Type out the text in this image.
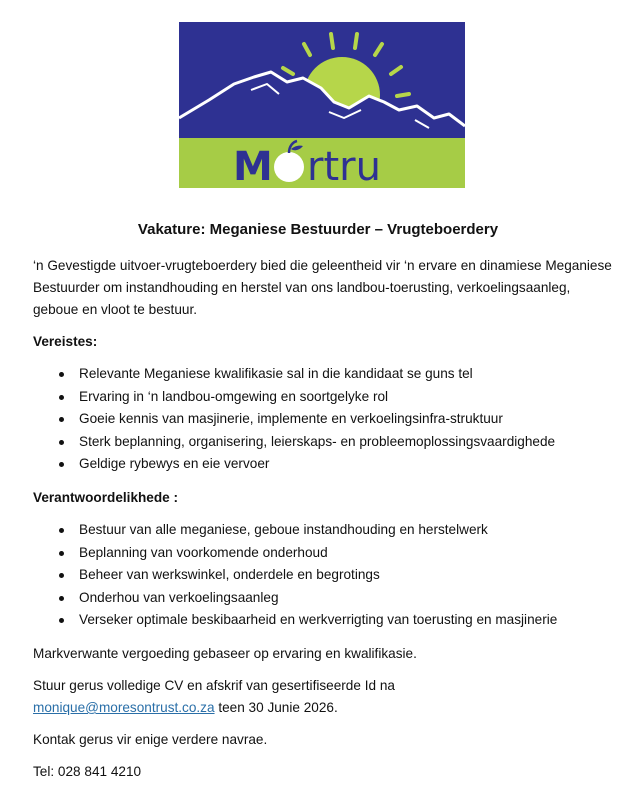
M rtru
Vakature: Meganiese Bestuurder – Vrugteboerdery

‘n Gevestigde uitvoer-vrugteboerdery bied die geleentheid vir ‘n ervare en dinamiese Meganiese Bestuurder om instandhouding en herstel van ons landbou-toerusting, verkoelingsaanleg, geboue en vloot te bestuur.

Vereistes:

Relevante Meganiese kwalifikasie sal in die kandidaat se guns tel
Ervaring in ‘n landbou-omgewing en soortgelyke rol
Goeie kennis van masjinerie, implemente en verkoelingsinfra-struktuur
Sterk beplanning, organisering, leierskaps- en probleemoplossingsvaardighede
Geldige rybewys en eie vervoer

Verantwoordelikhede :

Bestuur van alle meganiese, geboue instandhouding en herstelwerk
Beplanning van voorkomende onderhoud
Beheer van werkswinkel, onderdele en begrotings
Onderhou van verkoelingsaanleg
Verseker optimale beskibaarheid en werkverrigting van toerusting en masjinerie

Markverwante vergoeding gebaseer op ervaring en kwalifikasie.

Stuur gerus volledige CV en afskrif van gesertifiseerde Id na
monique@moresontrust.co.za teen 30 Junie 2026.

Kontak gerus vir enige verdere navrae.

Tel: 028 841 4210
